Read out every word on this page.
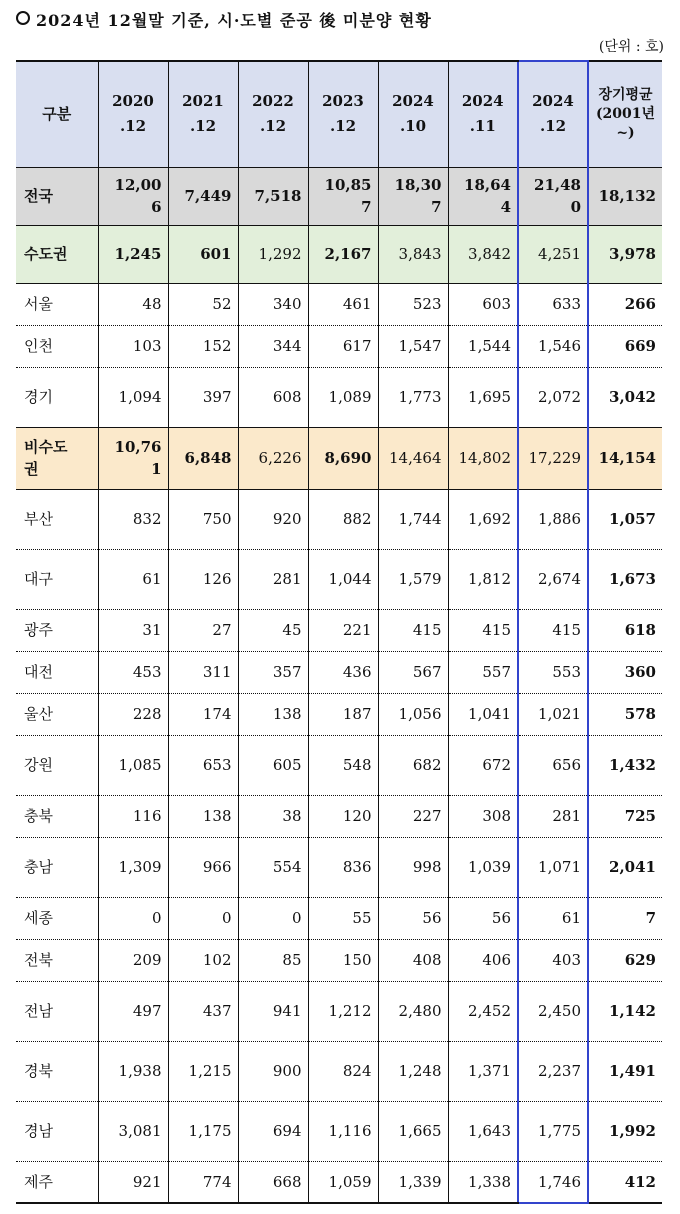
2024년 12월말 기준, 시·도별 준공 後 미분양 현황
(단위 : 호)
구분	2020 .12	2021 .12	2022 .12	2023 .12	2024 .10	2024 .11	2024 .12	장기평균 (2001년~)
전국	12,006	7,449	7,518	10,857	18,307	18,644	21,480	18,132
수도권	1,245	601	1,292	2,167	3,843	3,842	4,251	3,978
서울	48	52	340	461	523	603	633	266
인천	103	152	344	617	1,547	1,544	1,546	669
경기	1,094	397	608	1,089	1,773	1,695	2,072	3,042
비수도권	10,761	6,848	6,226	8,690	14,464	14,802	17,229	14,154
부산	832	750	920	882	1,744	1,692	1,886	1,057
대구	61	126	281	1,044	1,579	1,812	2,674	1,673
광주	31	27	45	221	415	415	415	618
대전	453	311	357	436	567	557	553	360
울산	228	174	138	187	1,056	1,041	1,021	578
강원	1,085	653	605	548	682	672	656	1,432
충북	116	138	38	120	227	308	281	725
충남	1,309	966	554	836	998	1,039	1,071	2,041
세종	0	0	0	55	56	56	61	7
전북	209	102	85	150	408	406	403	629
전남	497	437	941	1,212	2,480	2,452	2,450	1,142
경북	1,938	1,215	900	824	1,248	1,371	2,237	1,491
경남	3,081	1,175	694	1,116	1,665	1,643	1,775	1,992
제주	921	774	668	1,059	1,339	1,338	1,746	412
